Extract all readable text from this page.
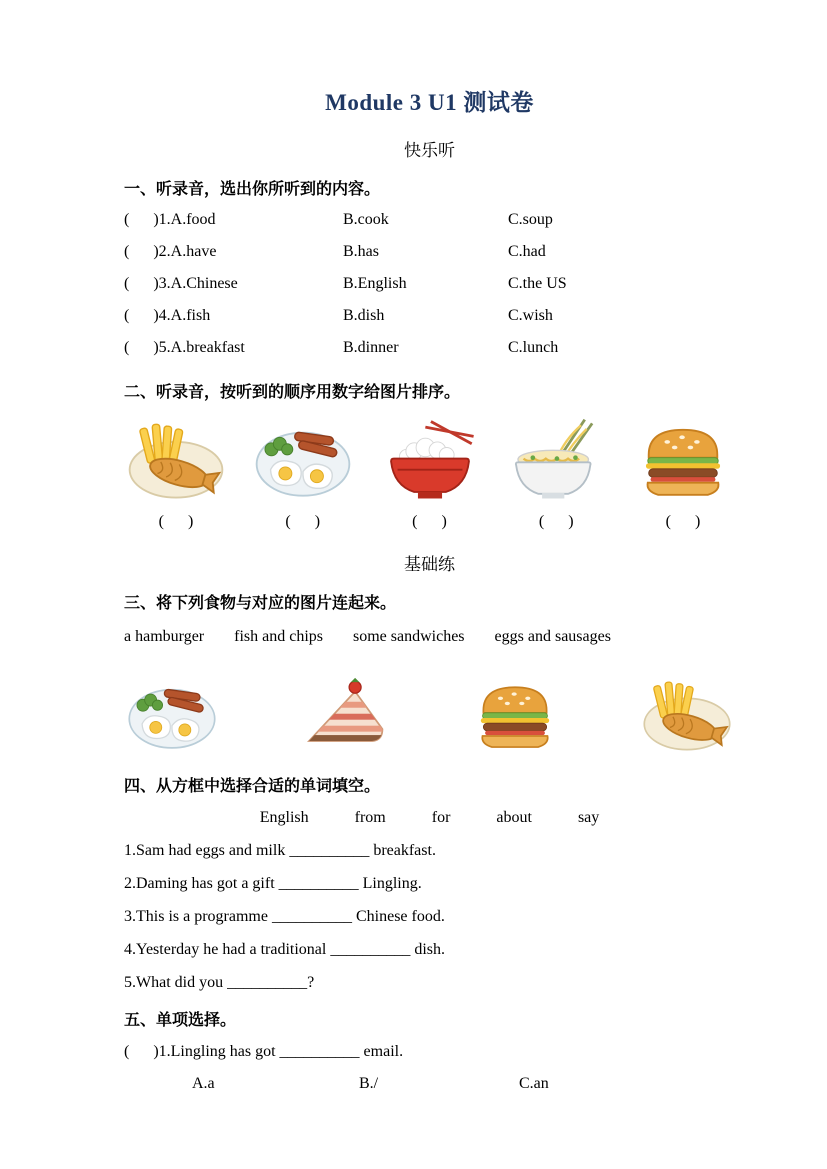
Module 3 U1 测试卷
快乐听
一、听录音，选出你所听到的内容。
(      )1.A.food	B.cook	C.soup
(      )2.A.have	B.has	C.had
(      )3.A.Chinese	B.English	C.the US
(      )4.A.fish	B.dish	C.wish
(      )5.A.breakfast	B.dinner	C.lunch
二、听录音，按听到的顺序用数字给图片排序。
(      )	(      )	(      )	(      )	(      )
基础练
三、将下列食物与对应的图片连起来。
a hamburger fish and chips some sandwiches eggs and sausages
四、从方框中选择合适的单词填空。
English	from	for	about	say
1.Sam had eggs and milk __________ breakfast.
2.Daming has got a gift __________ Lingling.
3.This is a programme __________ Chinese food.
4.Yesterday he had a traditional __________ dish.
5.What did you __________?
五、单项选择。
(      )1.Lingling has got __________ email.
A.a	B./	C.an
